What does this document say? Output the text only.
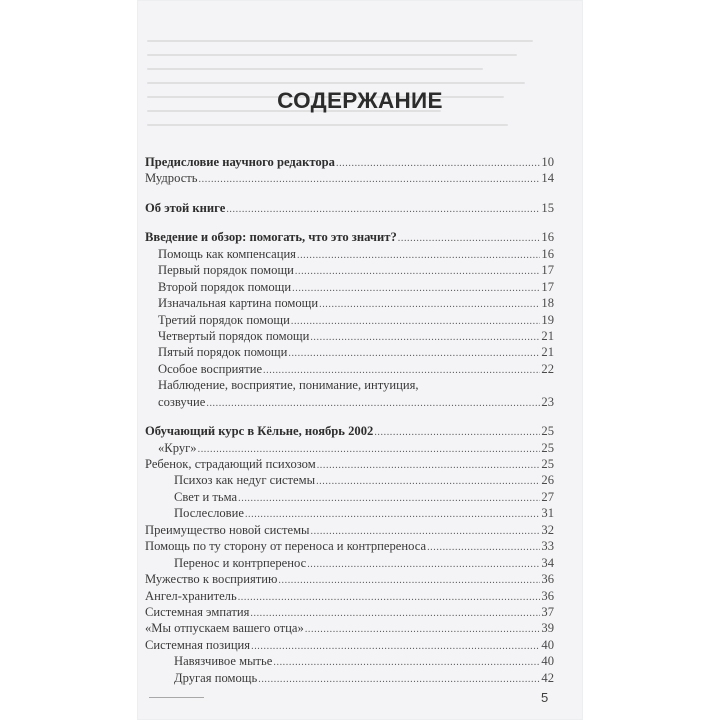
СОДЕРЖАНИЕ
Предисловие научного редактора .....	10
Мудрость .....	14
Об этой книге .....	15
Введение и обзор: помогать, что это значит? .....	16
Помощь как компенсация .....	16
Первый порядок помощи .....	17
Второй порядок помощи .....	17
Изначальная картина помощи .....	18
Третий порядок помощи .....	19
Четвертый порядок помощи .....	21
Пятый порядок помощи .....	21
Особое восприятие .....	22
Наблюдение, восприятие, понимание, интуиция,
созвучие .....	23
Обучающий курс в Кёльне, ноябрь 2002 .....	25
«Круг» .....	25
Ребенок, страдающий психозом .....	25
Психоз как недуг системы .....	26
Свет и тьма .....	27
Послесловие .....	31
Преимущество новой системы .....	32
Помощь по ту сторону от переноса и контрпереноса .....	33
Перенос и контрперенос .....	34
Мужество к восприятию .....	36
Ангел-хранитель .....	36
Системная эмпатия .....	37
«Мы отпускаем вашего отца» .....	39
Системная позиция .....	40
Навязчивое мытье .....	40
Другая помощь .....	42
5
